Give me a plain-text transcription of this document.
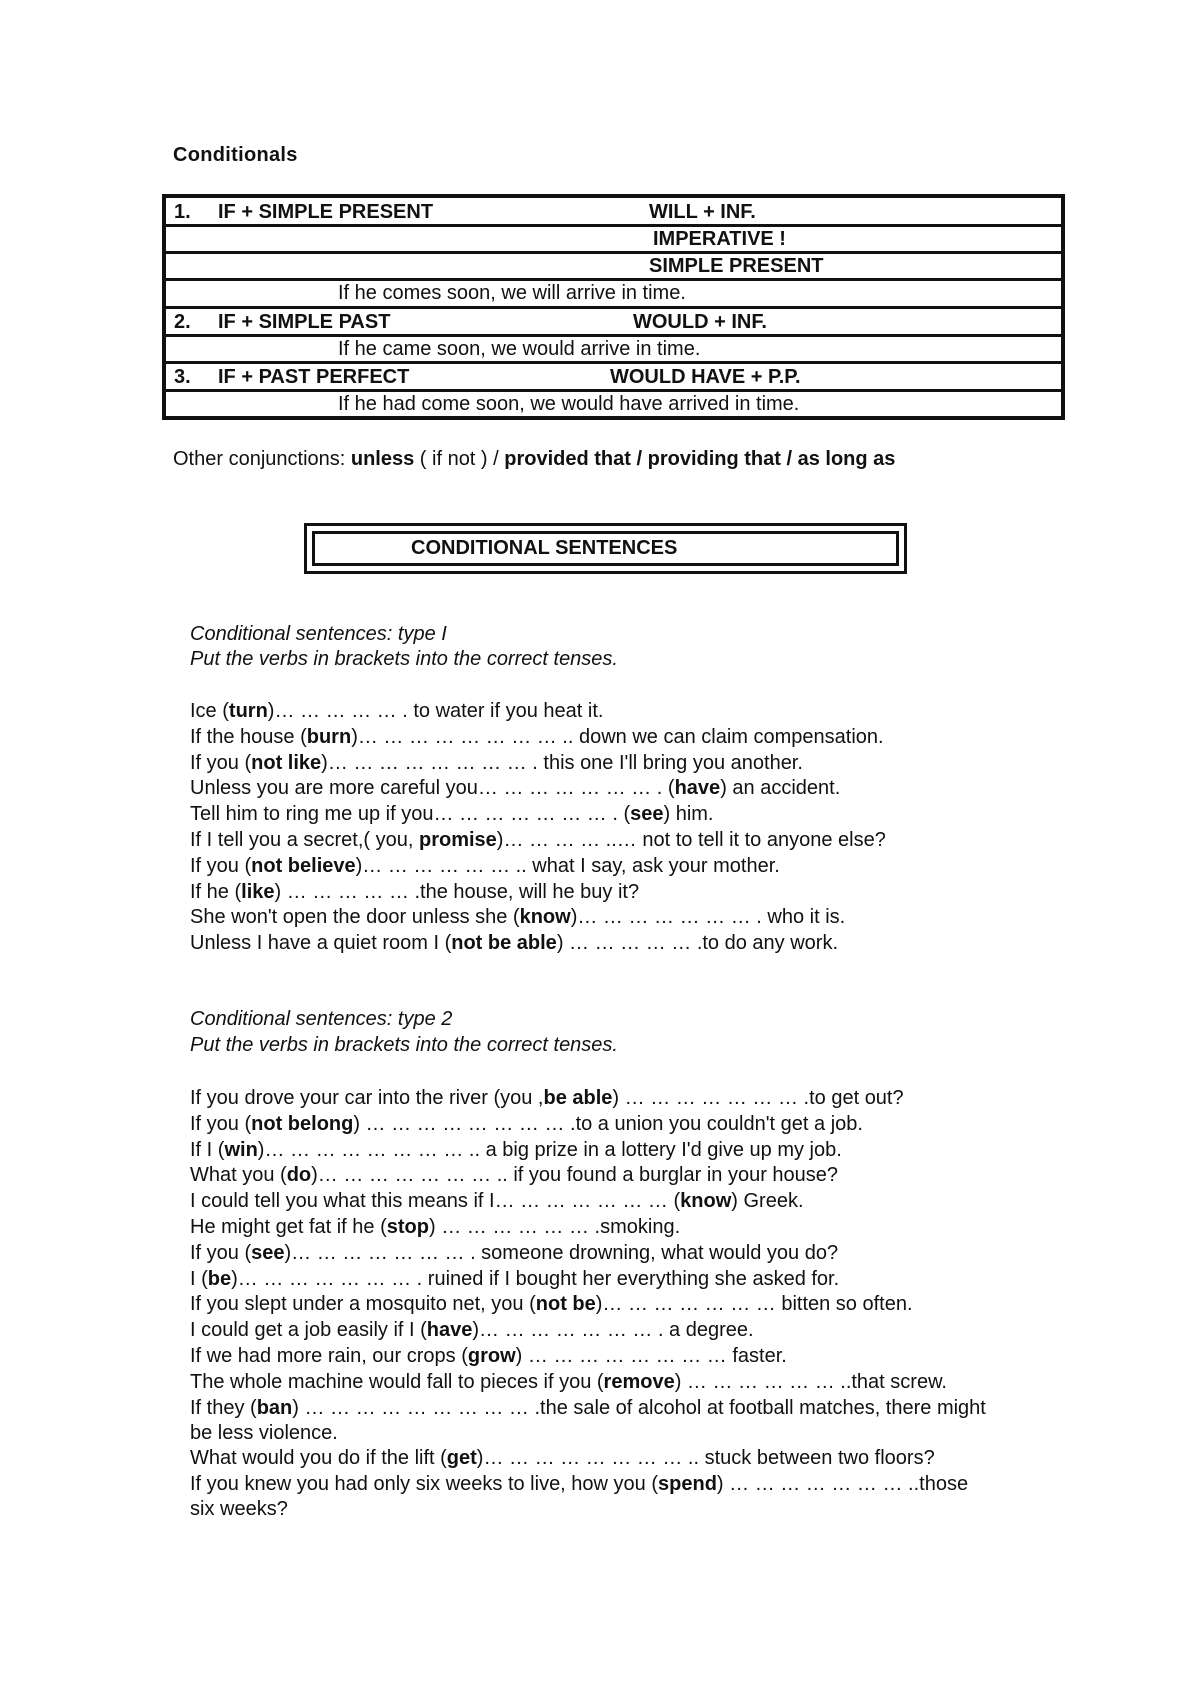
Conditionals
1. IF + SIMPLE PRESENT	WILL + INF.
IMPERATIVE !
SIMPLE PRESENT
If he comes soon, we will arrive in time.
2. IF + SIMPLE PAST	WOULD + INF.
If he came soon, we would arrive in time.
3. IF + PAST PERFECT	WOULD HAVE + P.P.
If he had come soon, we would have arrived in time.
Other conjunctions: unless ( if not ) / provided that / providing that / as long as
CONDITIONAL SENTENCES
Conditional sentences: type I
Put the verbs in brackets into the correct tenses.
Ice (turn)… … … … … . to water if you heat it.
If the house (burn)… … … … … … … … .. down we can claim compensation.
If you (not like)… … … … … … … … . this one I'll bring you another.
Unless you are more careful you… … … … … … … . (have) an accident.
Tell him to ring me up if you… … … … … … … . (see) him.
If I tell you a secret,( you, promise)… … … … ..… not to tell it to anyone else?
If you (not believe)… … … … … … .. what I say, ask your mother.
If he (like) … … … … … .the house, will he buy it?
She won't open the door unless she (know)… … … … … … … . who it is.
Unless I have a quiet room I (not be able) … … … … … .to do any work.
Conditional sentences: type 2
Put the verbs in brackets into the correct tenses.
If you drove your car into the river (you ,be able) … … … … … … … .to get out?
If you (not belong) … … … … … … … … .to a union you couldn't get a job.
If I (win)… … … … … … … … .. a big prize in a lottery I'd give up my job.
What you (do)… … … … … … … .. if you found a burglar in your house?
I could tell you what this means if I… … … … … … … (know) Greek.
He might get fat if he (stop) … … … … … … .smoking.
If you (see)… … … … … … … . someone drowning, what would you do?
I (be)… … … … … … … . ruined if I bought her everything she asked for.
If you slept under a mosquito net, you (not be)… … … … … … … bitten so often.
I could get a job easily if I (have)… … … … … … … . a degree.
If we had more rain, our crops (grow) … … … … … … … … faster.
The whole machine would fall to pieces if you (remove) … … … … … … ..that screw.
If they (ban) … … … … … … … … … .the sale of alcohol at football matches, there might
be less violence.
What would you do if the lift (get)… … … … … … … … .. stuck between two floors?
If you knew you had only six weeks to live, how you (spend) … … … … … … … ..those
six weeks?
